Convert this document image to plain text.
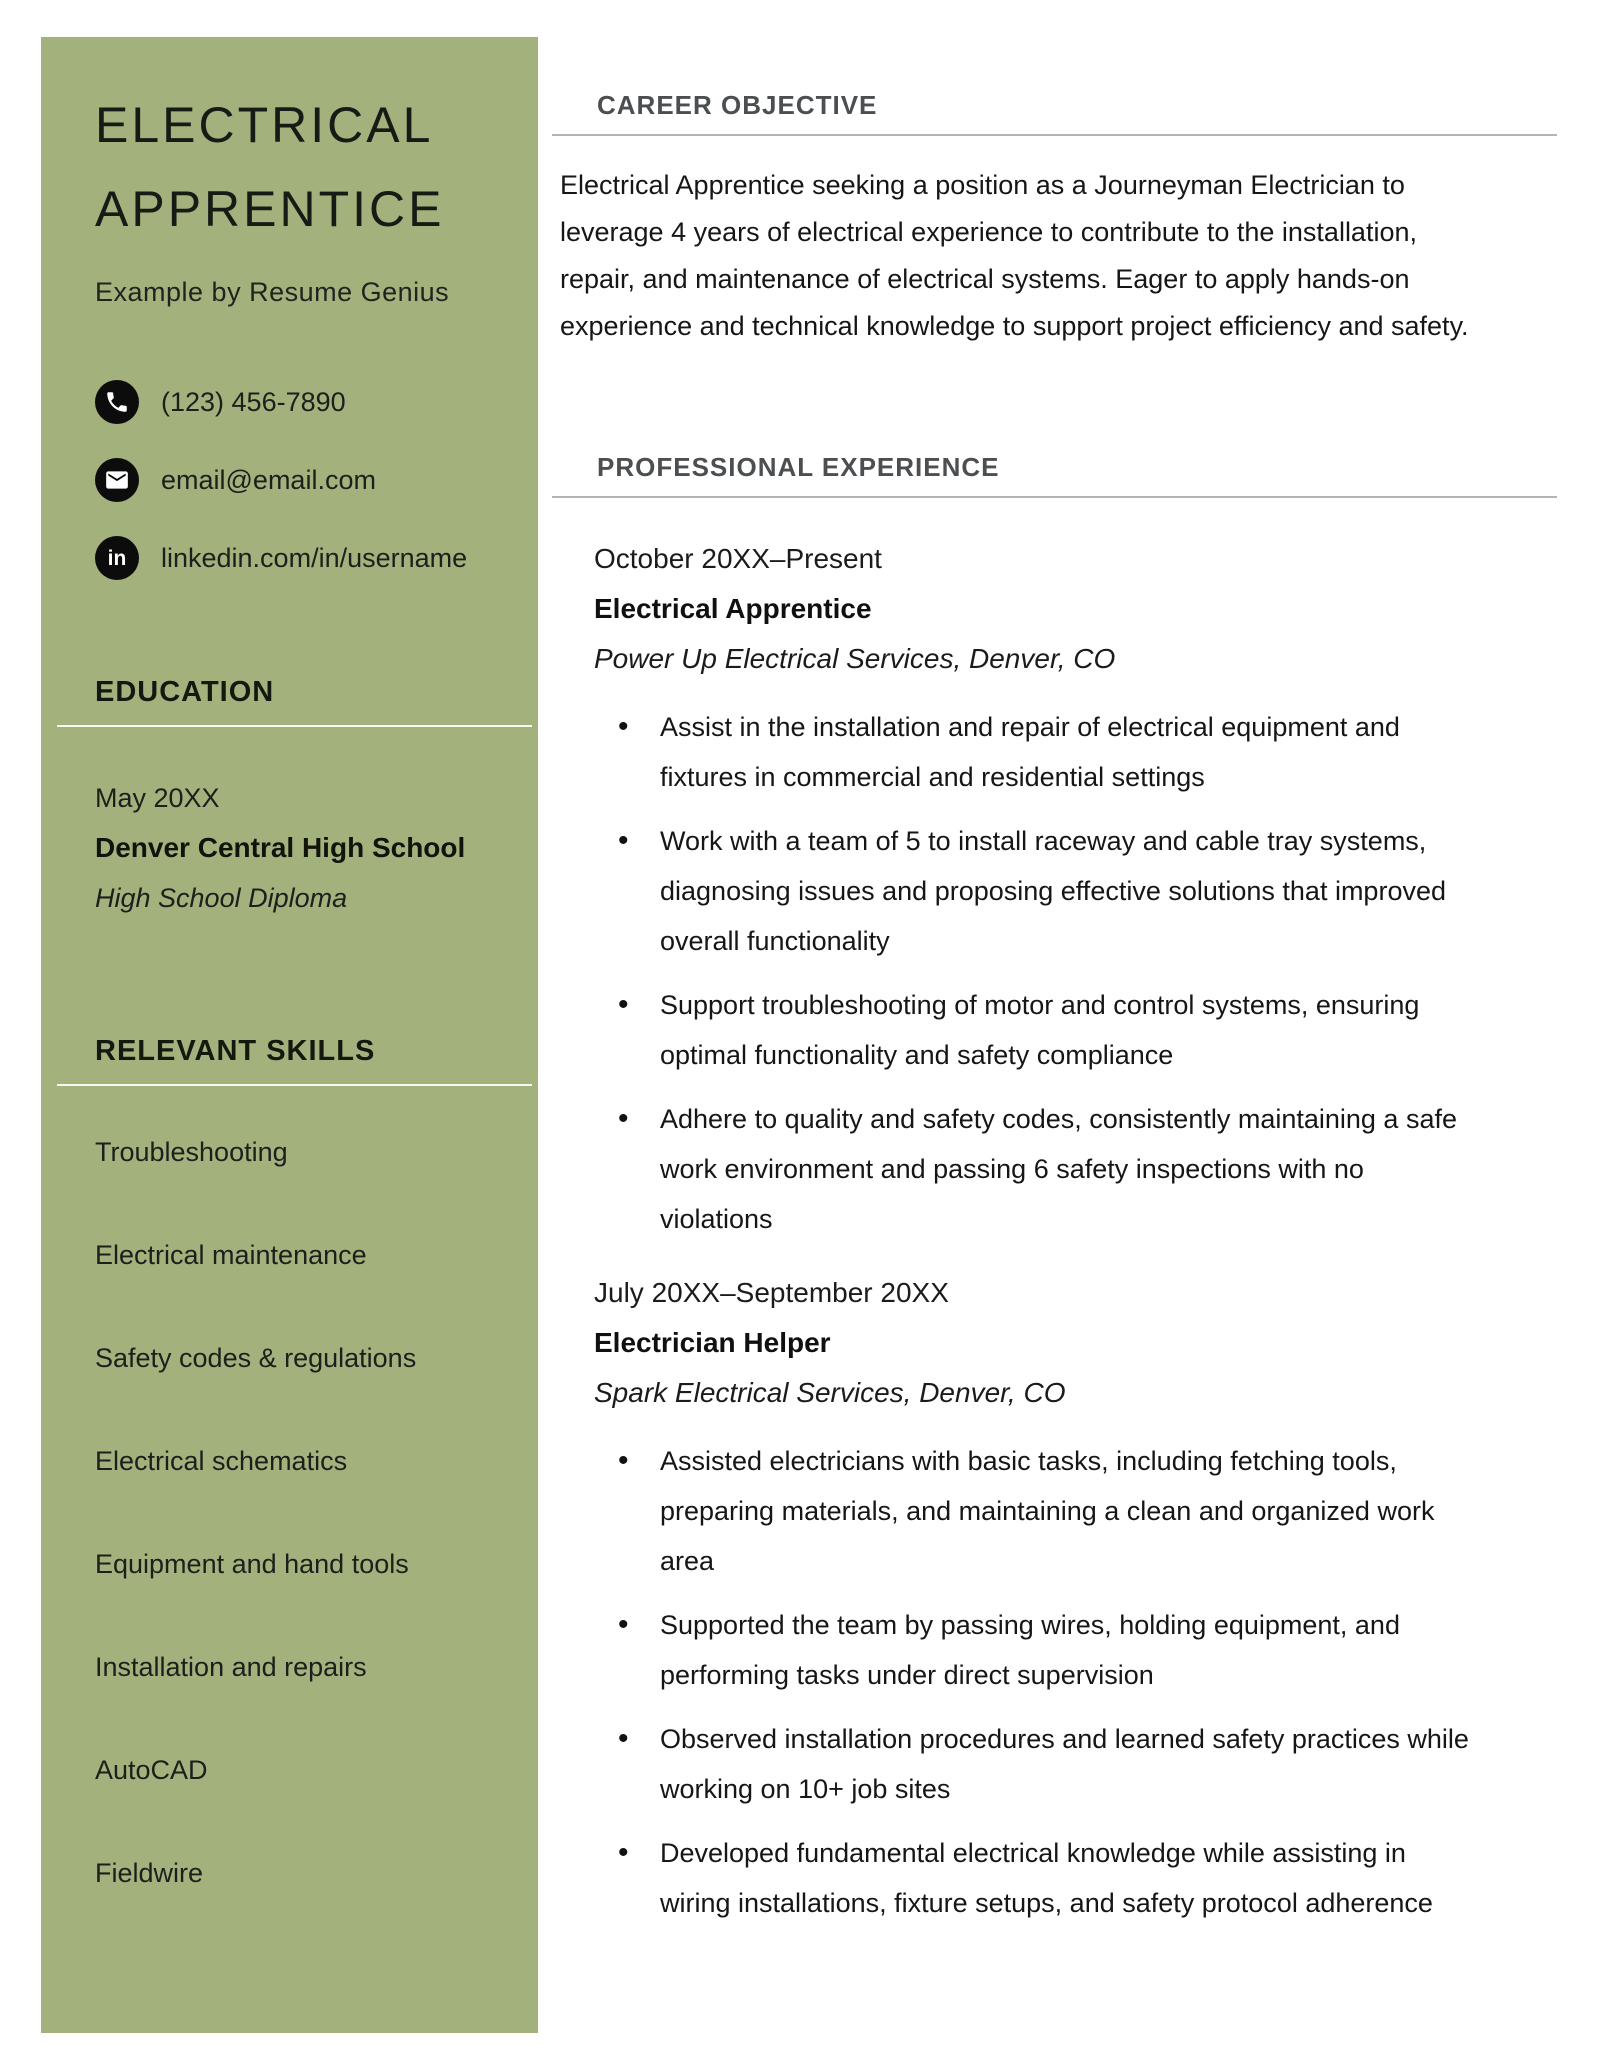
ELECTRICAL
APPRENTICE
Example by Resume Genius
(123) 456-7890
email@email.com
in linkedin.com/in/username
EDUCATION
May 20XX
Denver Central High School
High School Diploma
RELEVANT SKILLS
Troubleshooting
Electrical maintenance
Safety codes & regulations
Electrical schematics
Equipment and hand tools
Installation and repairs
AutoCAD
Fieldwire
CAREER OBJECTIVE

Electrical Apprentice seeking a position as a Journeyman Electrician to leverage 4 years of electrical experience to contribute to the installation, repair, and maintenance of electrical systems. Eager to apply hands-on experience and technical knowledge to support project efficiency and safety.

PROFESSIONAL EXPERIENCE
October 20XX–Present
Electrical Apprentice
Power Up Electrical Services, Denver, CO
• Assist in the installation and repair of electrical equipment and fixtures in commercial and residential settings
• Work with a team of 5 to install raceway and cable tray systems, diagnosing issues and proposing effective solutions that improved overall functionality
• Support troubleshooting of motor and control systems, ensuring optimal functionality and safety compliance
• Adhere to quality and safety codes, consistently maintaining a safe work environment and passing 6 safety inspections with no violations
July 20XX–September 20XX
Electrician Helper
Spark Electrical Services, Denver, CO
• Assisted electricians with basic tasks, including fetching tools, preparing materials, and maintaining a clean and organized work area
• Supported the team by passing wires, holding equipment, and performing tasks under direct supervision
• Observed installation procedures and learned safety practices while working on 10+ job sites
• Developed fundamental electrical knowledge while assisting in wiring installations, fixture setups, and safety protocol adherence
